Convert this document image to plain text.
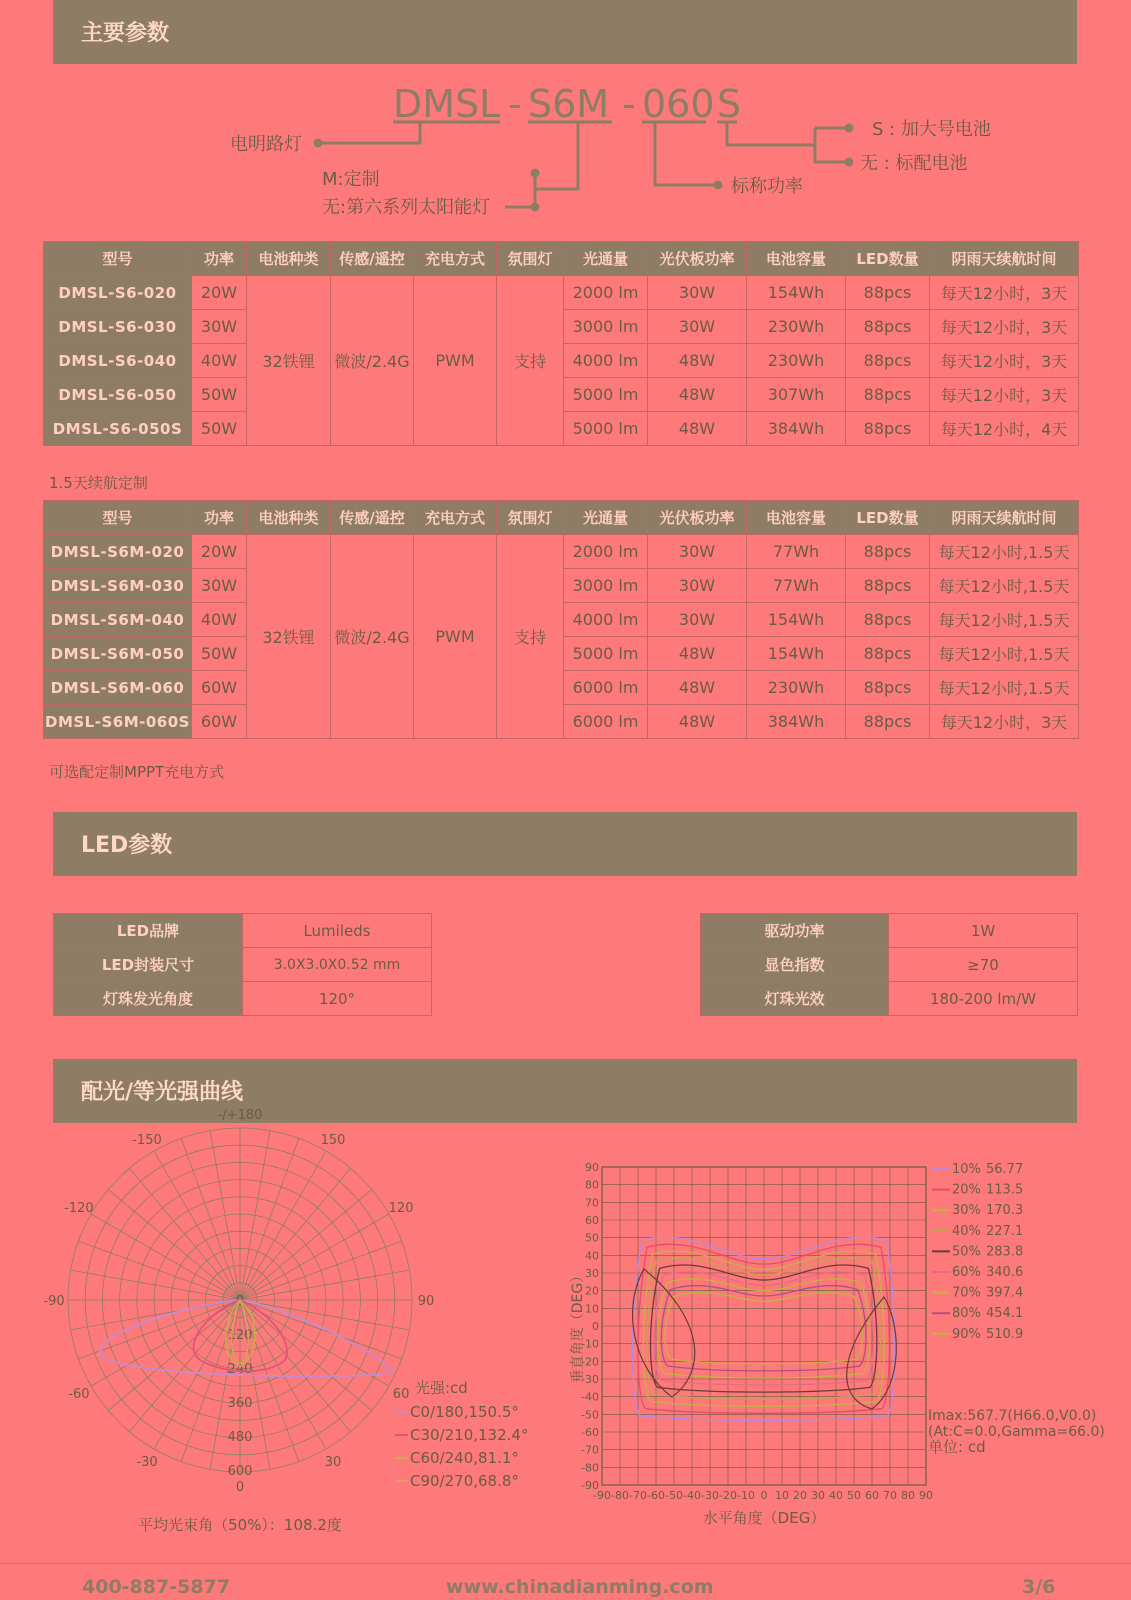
主要参数
DMSL - S6M - 060 S
电明路灯
M:定制
无:第六系列太阳能灯
标称功率
S : 加大号电池
无 : 标配电池
型号	功率	电池种类	传感/遥控	充电方式	氛围灯	光通量	光伏板功率	电池容量	LED数量	阴雨天续航时间
DMSL-S6-020	20W	32铁锂	微波/2.4G	PWM	支持	2000 lm	30W	154Wh	88pcs	每天12小时，3天
DMSL-S6-030	30W					3000 lm	30W	230Wh	88pcs	每天12小时，3天
DMSL-S6-040	40W					4000 lm	48W	230Wh	88pcs	每天12小时，3天
DMSL-S6-050	50W					5000 lm	48W	307Wh	88pcs	每天12小时，3天
DMSL-S6-050S	50W					5000 lm	48W	384Wh	88pcs	每天12小时，4天
1.5天续航定制
型号	功率	电池种类	传感/遥控	充电方式	氛围灯	光通量	光伏板功率	电池容量	LED数量	阴雨天续航时间
DMSL-S6M-020	20W	32铁锂	微波/2.4G	PWM	支持	2000 lm	30W	77Wh	88pcs	每天12小时,1.5天
DMSL-S6M-030	30W					3000 lm	30W	77Wh	88pcs	每天12小时,1.5天
DMSL-S6M-040	40W					4000 lm	30W	154Wh	88pcs	每天12小时,1.5天
DMSL-S6M-050	50W					5000 lm	48W	154Wh	88pcs	每天12小时,1.5天
DMSL-S6M-060	60W					6000 lm	48W	230Wh	88pcs	每天12小时,1.5天
DMSL-S6M-060S	60W					6000 lm	48W	384Wh	88pcs	每天12小时，3天
可选配定制MPPT充电方式
LED参数
LED品牌	Lumileds
LED封装尺寸	3.0X3.0X0.52 mm
灯珠发光角度	120°
驱动功率	1W
显色指数	≥70
灯珠光效	180-200 lm/W
配光/等光强曲线
-/+180
150
120
90
60
30
0
-30
-60
-90
-120
-150
0
120
240
360
480
600
光强:cd
C0/180,150.5°
C30/210,132.4°
C60/240,81.1°
C90/270,68.8°
平均光束角（50%）：108.2度
90
80
70
60
50
40
30
20
10
0
-10
-20
-30
-40
-50
-60
-70
-80
-90
-90 -80 -70 -60 -50 -40 -30 -20 -10 0 10 20 30 40 50 60 70 80 90
垂直角度（DEG）
水平角度（DEG）
10% 56.77
20% 113.5
30% 170.3
40% 227.1
50% 283.8
60% 340.6
70% 397.4
80% 454.1
90% 510.9
Imax:567.7(H66.0,V0.0)
(At:C=0.0,Gamma=66.0)
单位: cd
400-887-5877	www.chinadianming.com	3/6
